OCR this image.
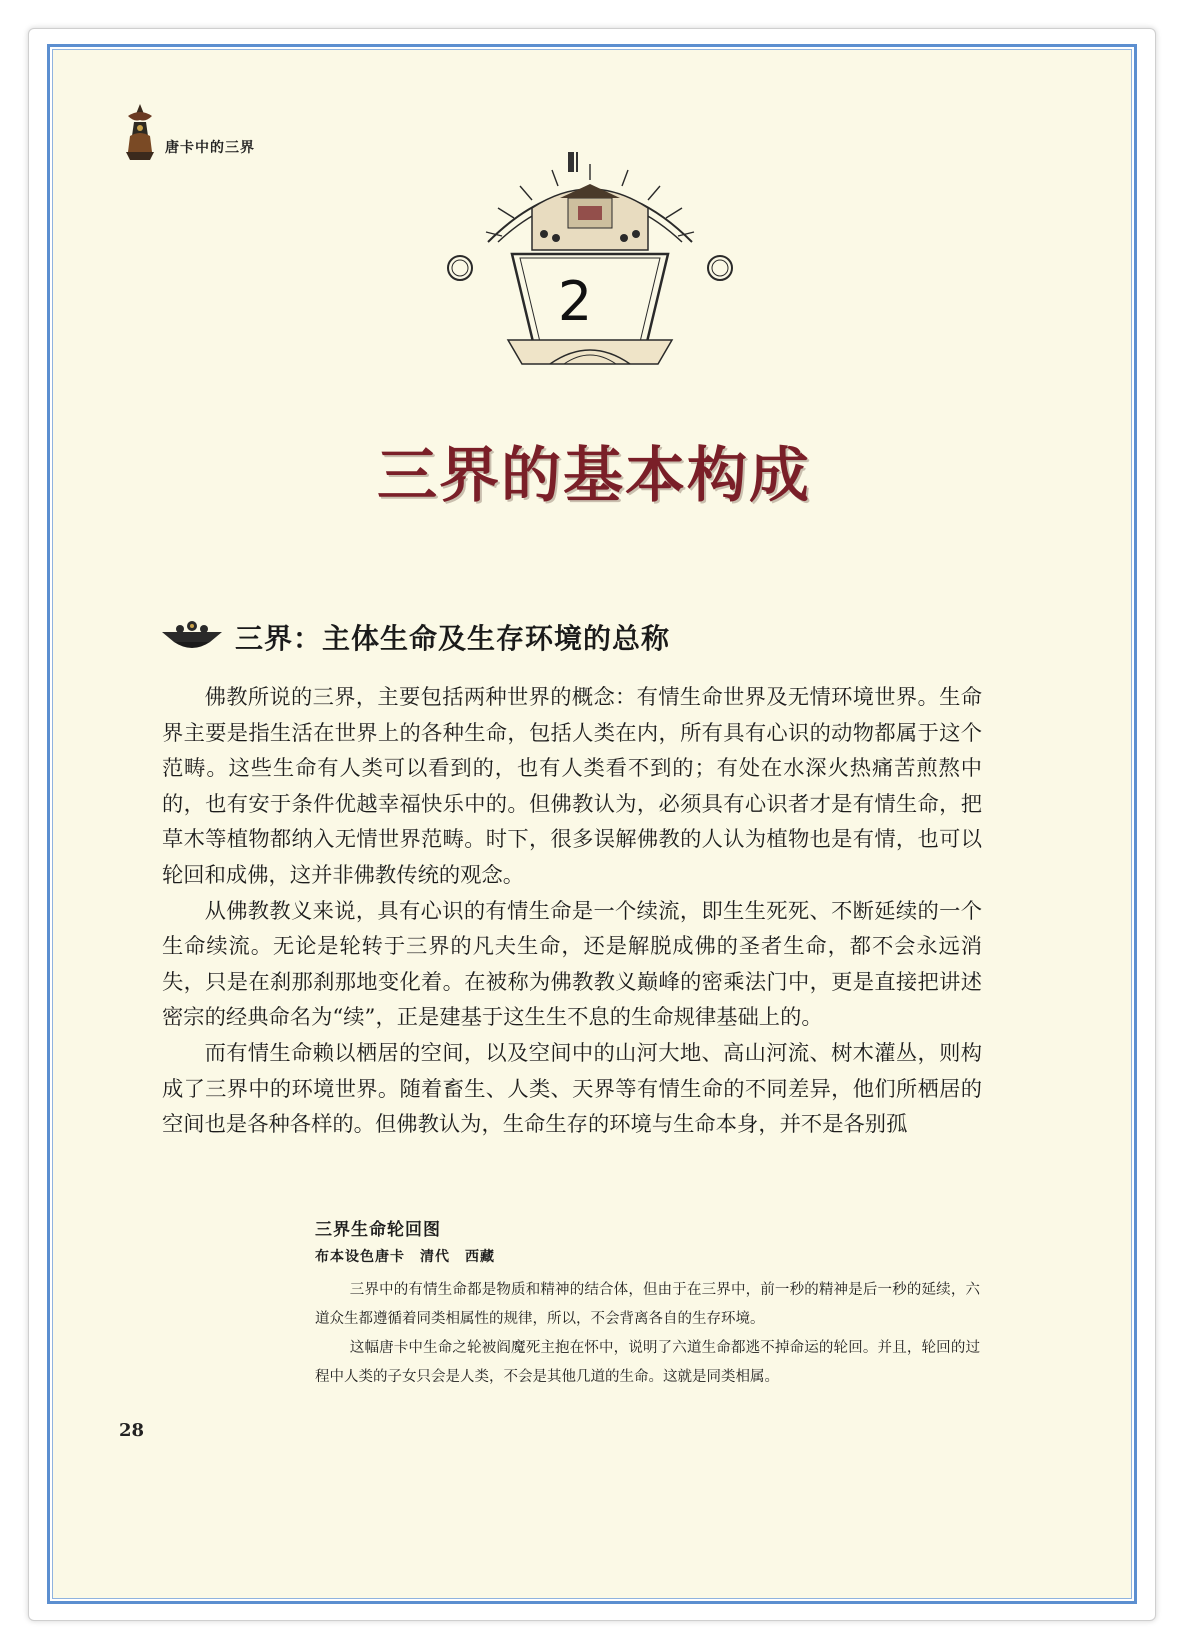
唐卡中的三界
2
三界的基本构成
三界：主体生命及生存环境的总称

佛教所说的三界，主要包括两种世界的概念：有情生命世界及无情环境世界。生命界主要是指生活在世界上的各种生命，包括人类在内，所有具有心识的动物都属于这个范畴。这些生命有人类可以看到的，也有人类看不到的；有处在水深火热痛苦煎熬中的，也有安于条件优越幸福快乐中的。但佛教认为，必须具有心识者才是有情生命，把草木等植物都纳入无情世界范畴。时下，很多误解佛教的人认为植物也是有情，也可以轮回和成佛，这并非佛教传统的观念。

从佛教教义来说，具有心识的有情生命是一个续流，即生生死死、不断延续的一个生命续流。无论是轮转于三界的凡夫生命，还是解脱成佛的圣者生命，都不会永远消失，只是在刹那刹那地变化着。在被称为佛教教义巅峰的密乘法门中，更是直接把讲述密宗的经典命名为“续”，正是建基于这生生不息的生命规律基础上的。

而有情生命赖以栖居的空间，以及空间中的山河大地、高山河流、树木灌丛，则构成了三界中的环境世界。随着畜生、人类、天界等有情生命的不同差异，他们所栖居的空间也是各种各样的。但佛教认为，生命生存的环境与生命本身，并不是各别孤

三界生命轮回图
布本设色唐卡　清代　西藏

三界中的有情生命都是物质和精神的结合体，但由于在三界中，前一秒的精神是后一秒的延续，六道众生都遵循着同类相属性的规律，所以，不会背离各自的生存环境。

这幅唐卡中生命之轮被阎魔死主抱在怀中，说明了六道生命都逃不掉命运的轮回。并且，轮回的过程中人类的子女只会是人类，不会是其他几道的生命。这就是同类相属。

28
